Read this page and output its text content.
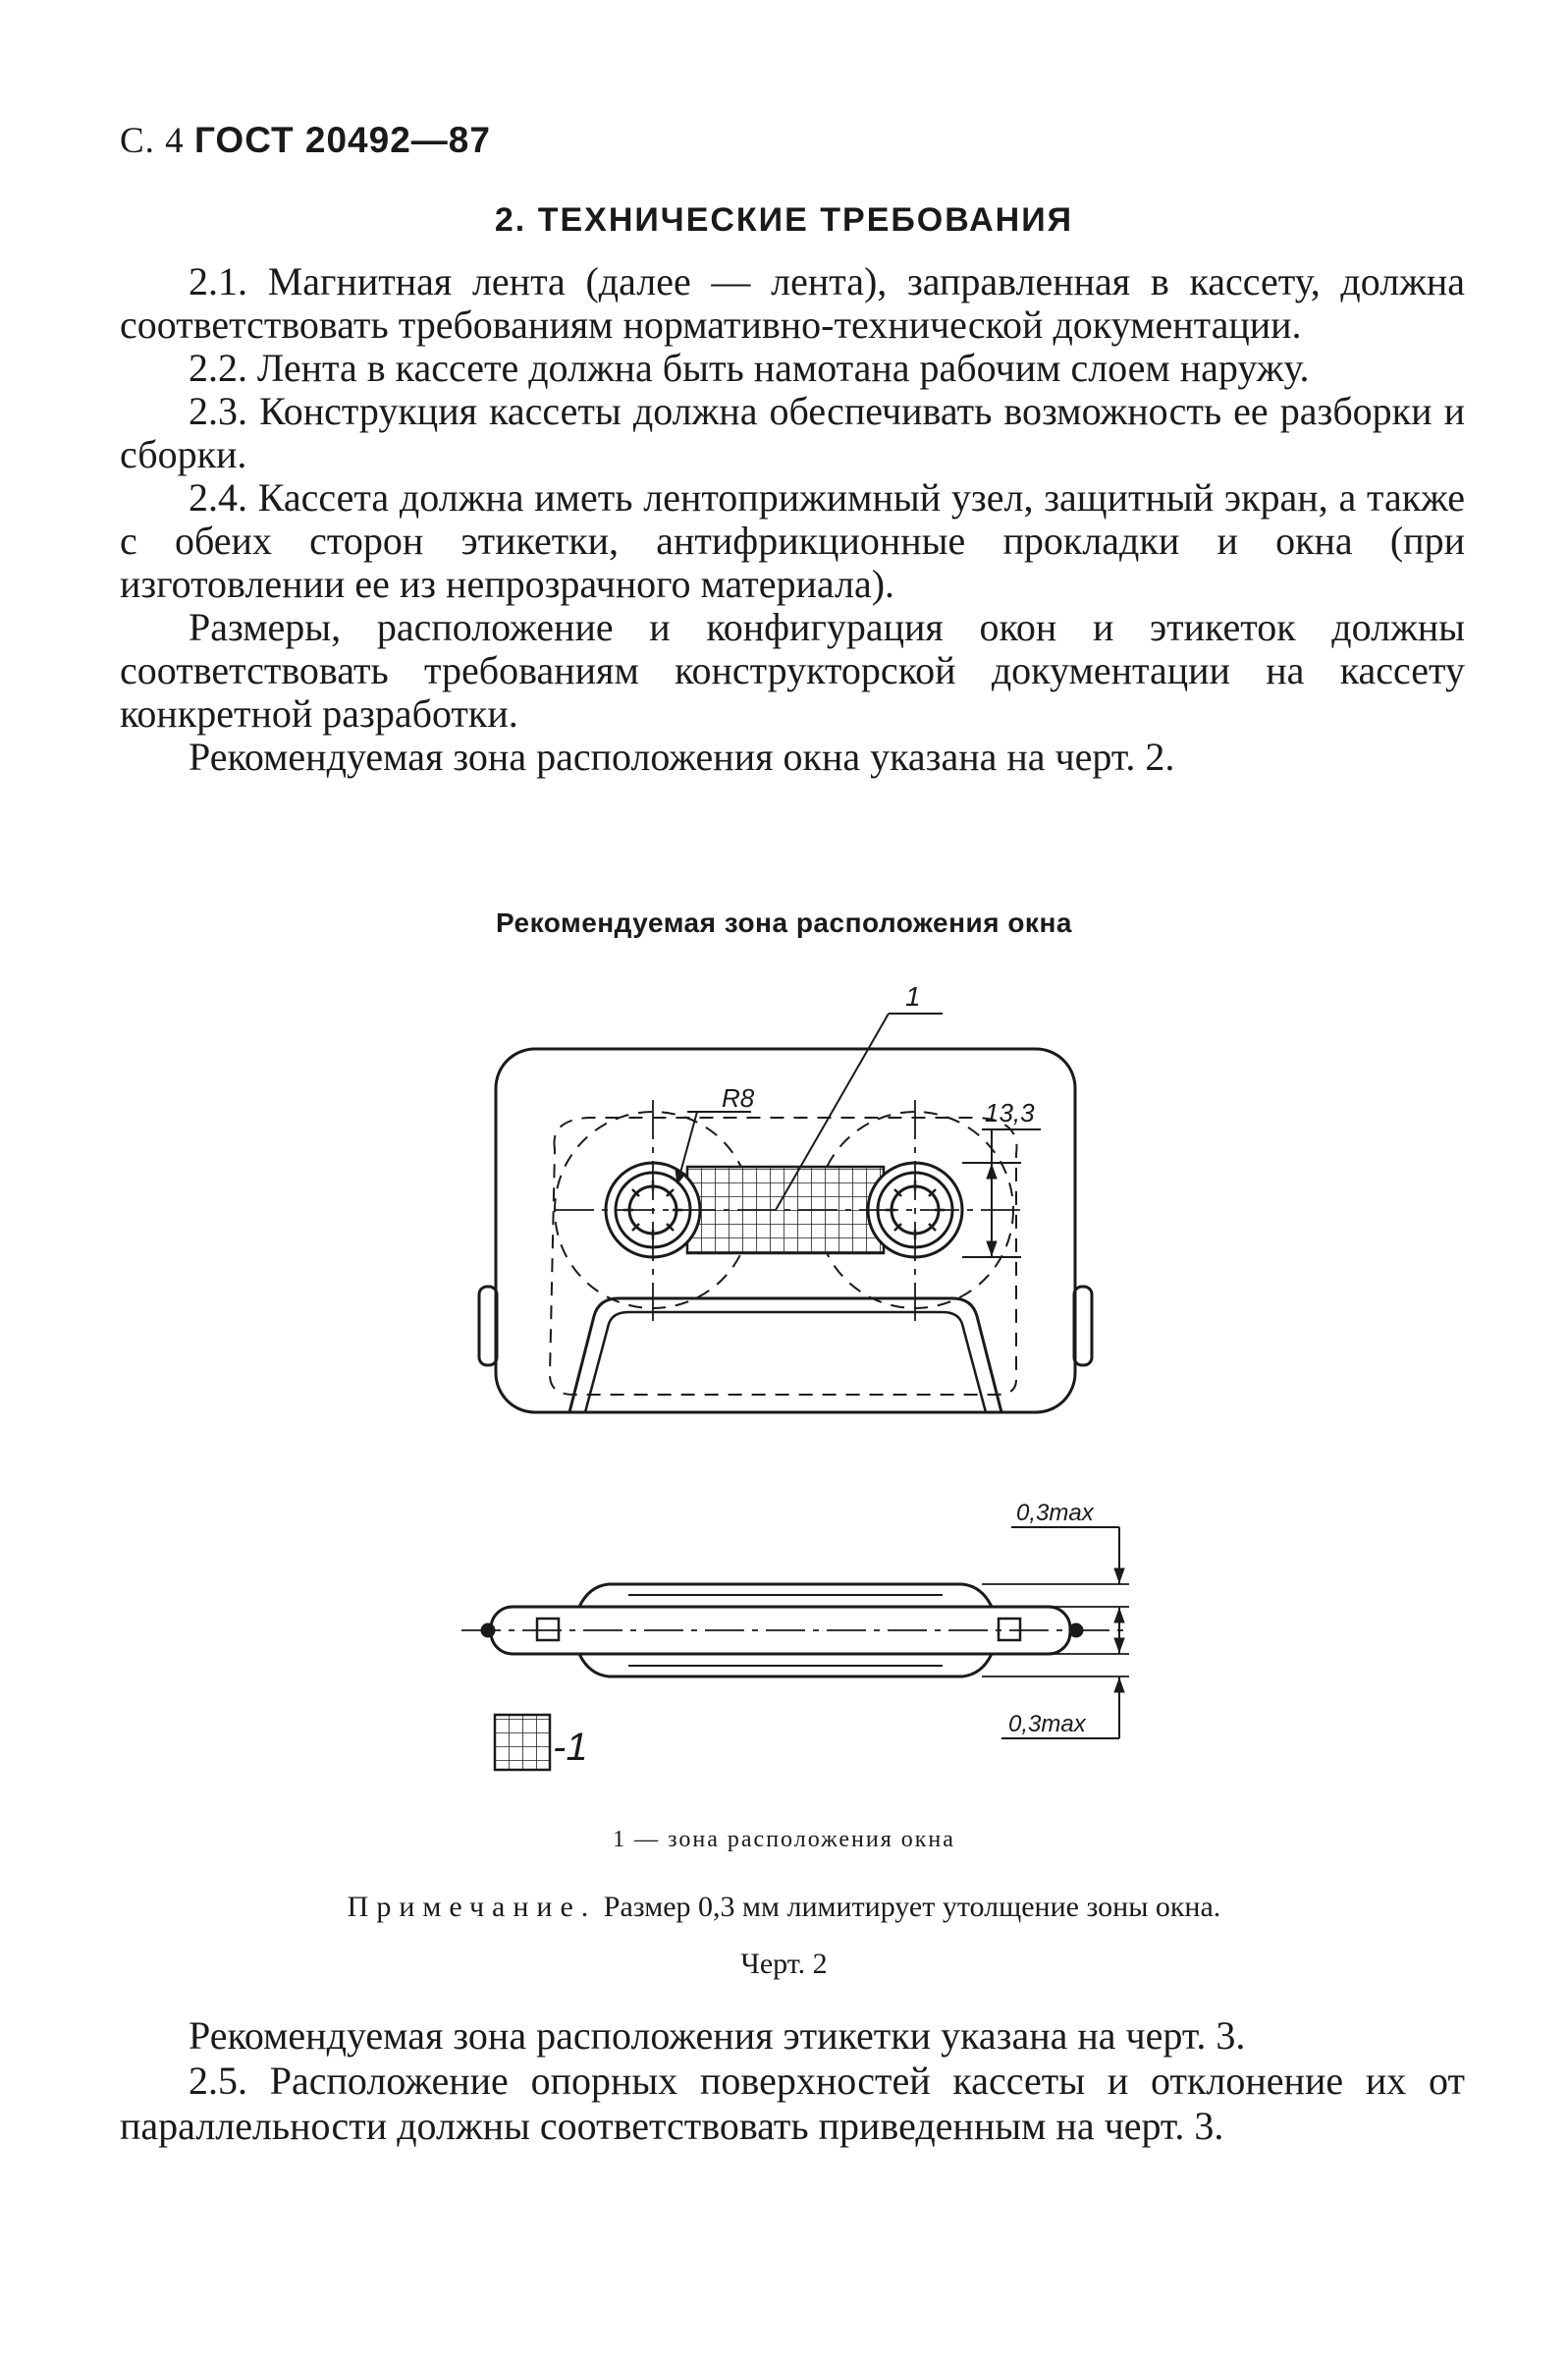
С. 4 ГОСТ 20492—87
2. ТЕХНИЧЕСКИЕ ТРЕБОВАНИЯ

2.1. Магнитная лента (далее — лента), заправленная в кассету, должна соответствовать требованиям нормативно-технической документации.

2.2. Лента в кассете должна быть намотана рабочим слоем наружу.

2.3. Конструкция кассеты должна обеспечивать возможность ее разборки и сборки.

2.4. Кассета должна иметь лентоприжимный узел, защитный экран, а также с обеих сторон этикетки, антифрикционные прокладки и окна (при изготовлении ее из непрозрачного материала).

Размеры, расположение и конфигурация окон и этикеток должны соответствовать требованиям конструкторской документации на кассету конкретной разработки.

Рекомендуемая зона расположения окна указана на черт. 2.

Рекомендуемая зона расположения окна
R8
1
13,3
0,3max
0,3max
-1
1 — зона расположения окна
Примечание. Размер 0,3 мм лимитирует утолщение зоны окна.
Черт. 2

Рекомендуемая зона расположения этикетки указана на черт. 3.

2.5. Расположение опорных поверхностей кассеты и отклонение их от параллельности должны соответствовать приведенным на черт. 3.
